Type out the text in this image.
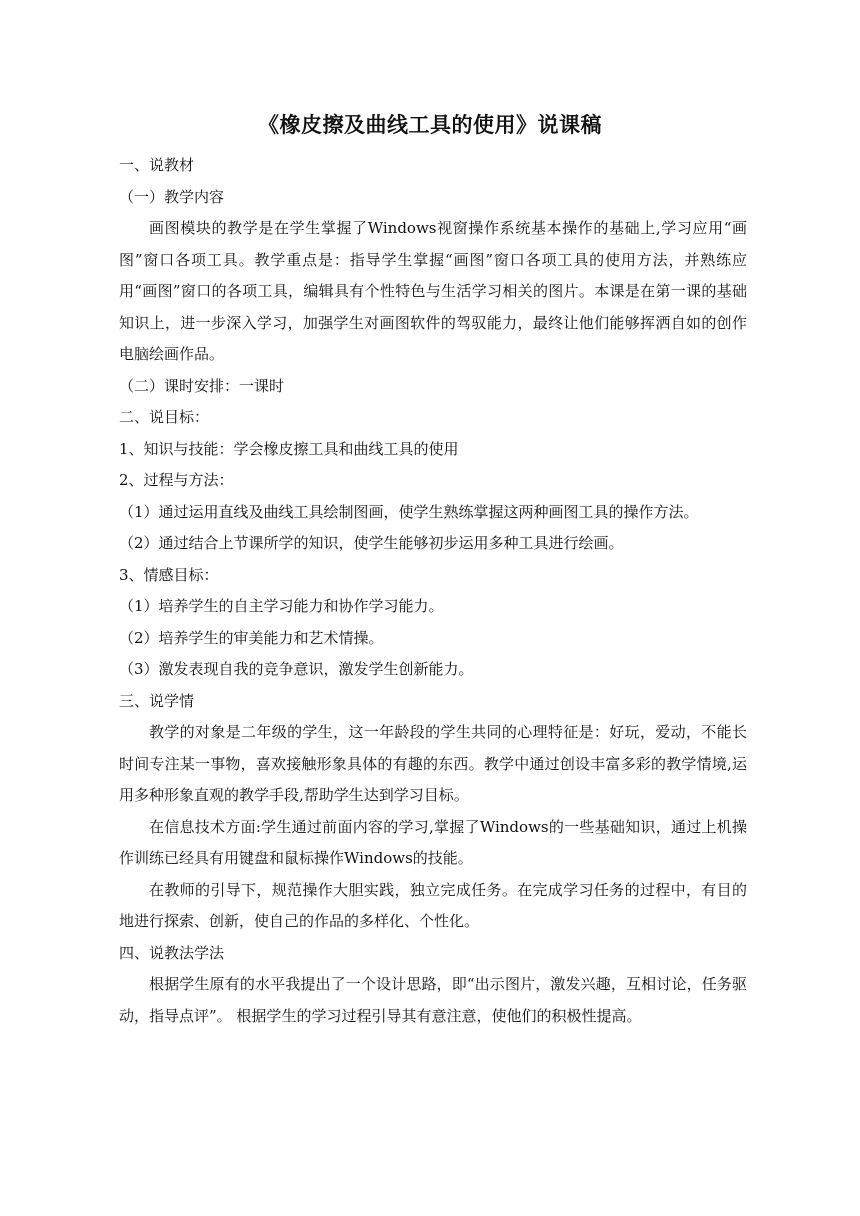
《橡皮擦及曲线工具的使用》说课稿

一、说教材

（一）教学内容

画图模块的教学是在学生掌握了Windows视窗操作系统基本操作的基础上,学习应用“画图”窗口各项工具。教学重点是：指导学生掌握“画图”窗口各项工具的使用方法，并熟练应用“画图”窗口的各项工具，编辑具有个性特色与生活学习相关的图片。本课是在第一课的基础知识上，进一步深入学习，加强学生对画图软件的驾驭能力，最终让他们能够挥洒自如的创作电脑绘画作品。

（二）课时安排：一课时

二、说目标：

1、知识与技能：学会橡皮擦工具和曲线工具的使用

2、过程与方法：

（1）通过运用直线及曲线工具绘制图画，使学生熟练掌握这两种画图工具的操作方法。

（2）通过结合上节课所学的知识，使学生能够初步运用多种工具进行绘画。

3、情感目标：

（1）培养学生的自主学习能力和协作学习能力。

（2）培养学生的审美能力和艺术情操。

（3）激发表现自我的竞争意识，激发学生创新能力。

三、说学情

教学的对象是二年级的学生，这一年龄段的学生共同的心理特征是：好玩，爱动，不能长时间专注某一事物，喜欢接触形象具体的有趣的东西。教学中通过创设丰富多彩的教学情境,运用多种形象直观的教学手段,帮助学生达到学习目标。

在信息技术方面:学生通过前面内容的学习,掌握了Windows的一些基础知识，通过上机操作训练已经具有用键盘和鼠标操作Windows的技能。

在教师的引导下，规范操作大胆实践，独立完成任务。在完成学习任务的过程中，有目的地进行探索、创新，使自己的作品的多样化、个性化。

四、说教法学法

根据学生原有的水平我提出了一个设计思路，即“出示图片，激发兴趣，互相讨论，任务驱动，指导点评”。 根据学生的学习过程引导其有意注意，使他们的积极性提高。
